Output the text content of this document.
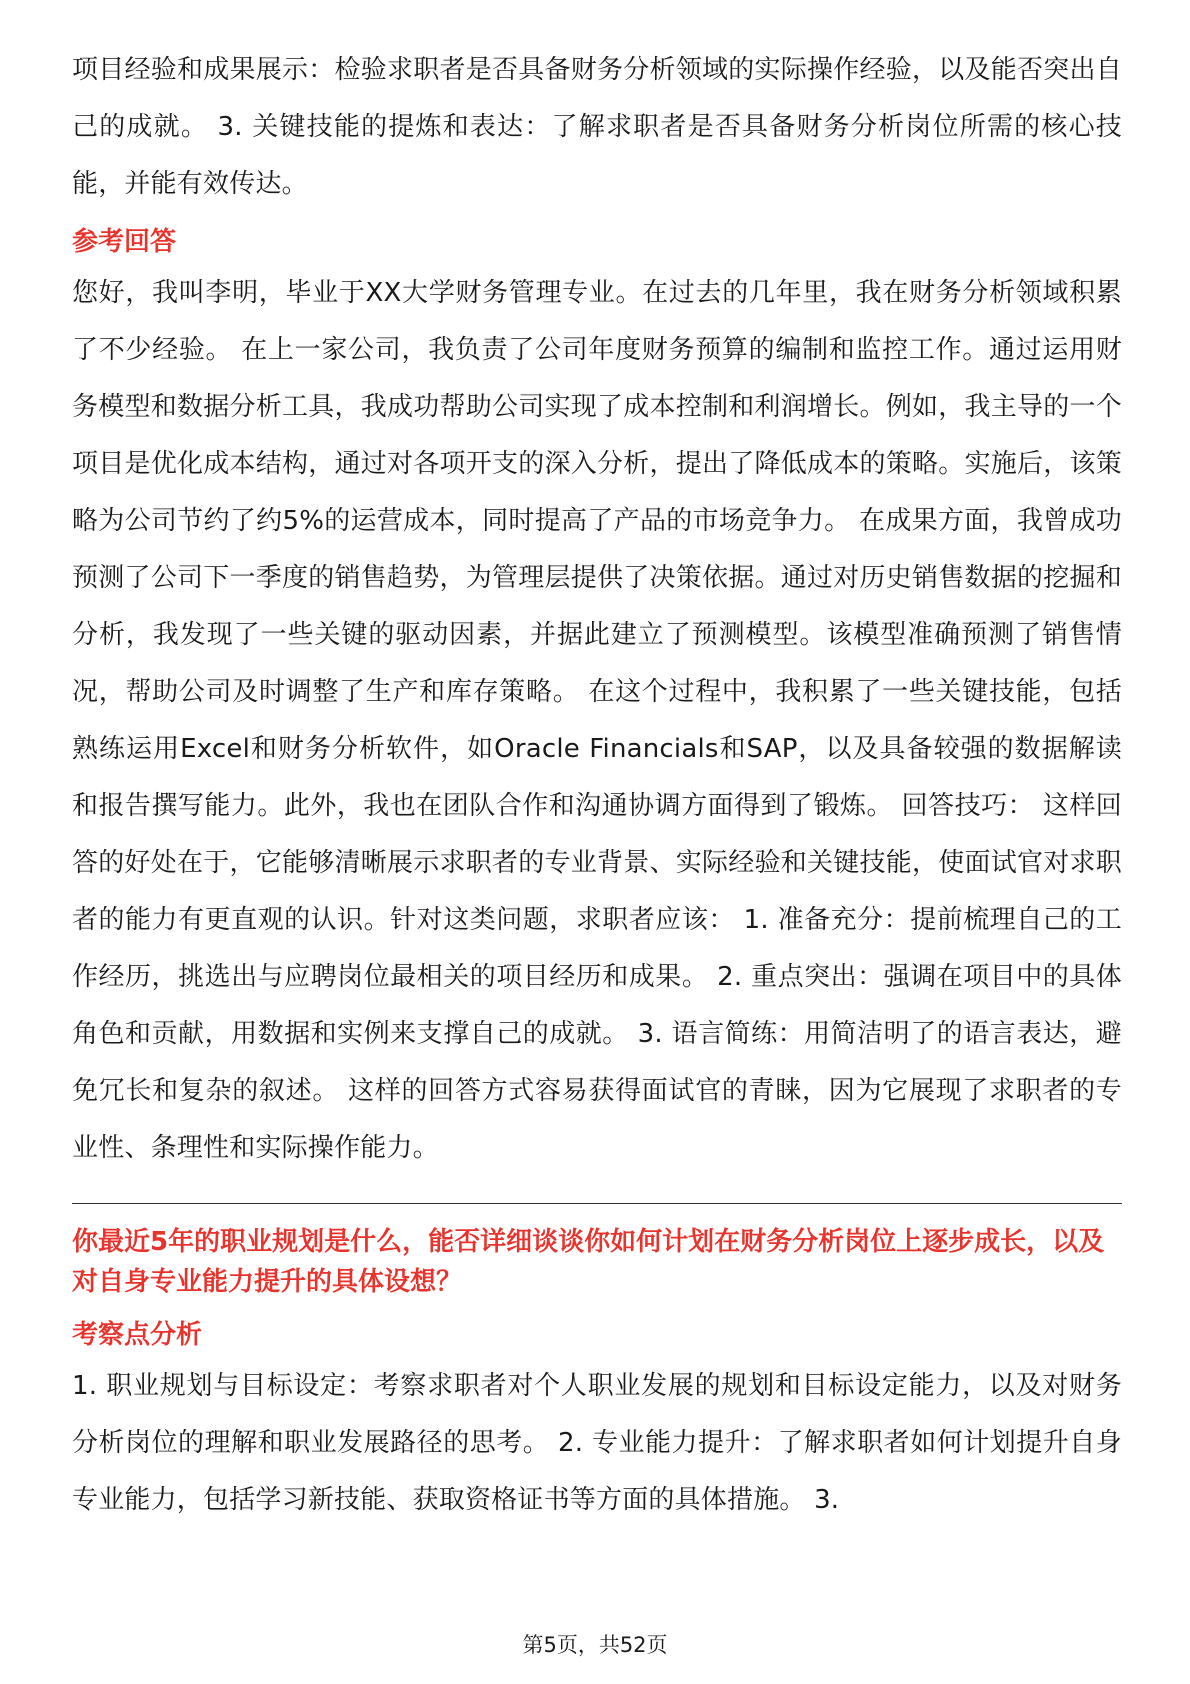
项目经验和成果展示：检验求职者是否具备财务分析领域的实际操作经验，以及能否突出自己的成就。 3. 关键技能的提炼和表达：了解求职者是否具备财务分析岗位所需的核心技能，并能有效传达。

参考回答

您好，我叫李明，毕业于XX大学财务管理专业。在过去的几年里，我在财务分析领域积累了不少经验。 在上一家公司，我负责了公司年度财务预算的编制和监控工作。通过运用财务模型和数据分析工具，我成功帮助公司实现了成本控制和利润增长。例如，我主导的一个项目是优化成本结构，通过对各项开支的深入分析，提出了降低成本的策略。实施后，该策略为公司节约了约5%的运营成本，同时提高了产品的市场竞争力。 在成果方面，我曾成功预测了公司下一季度的销售趋势，为管理层提供了决策依据。通过对历史销售数据的挖掘和分析，我发现了一些关键的驱动因素，并据此建立了预测模型。该模型准确预测了销售情况，帮助公司及时调整了生产和库存策略。 在这个过程中，我积累了一些关键技能，包括熟练运用Excel和财务分析软件，如Oracle Financials和SAP，以及具备较强的数据解读和报告撰写能力。此外，我也在团队合作和沟通协调方面得到了锻炼。 回答技巧： 这样回答的好处在于，它能够清晰展示求职者的专业背景、实际经验和关键技能，使面试官对求职者的能力有更直观的认识。针对这类问题，求职者应该： 1. 准备充分：提前梳理自己的工作经历，挑选出与应聘岗位最相关的项目经历和成果。 2. 重点突出：强调在项目中的具体角色和贡献，用数据和实例来支撑自己的成就。 3. 语言简练：用简洁明了的语言表达，避免冗长和复杂的叙述。 这样的回答方式容易获得面试官的青睐，因为它展现了求职者的专业性、条理性和实际操作能力。

你最近5年的职业规划是什么，能否详细谈谈你如何计划在财务分析岗位上逐步成长，以及对自身专业能力提升的具体设想？

考察点分析

1. 职业规划与目标设定：考察求职者对个人职业发展的规划和目标设定能力，以及对财务分析岗位的理解和职业发展路径的思考。 2. 专业能力提升：了解求职者如何计划提升自身专业能力，包括学习新技能、获取资格证书等方面的具体措施。 3.

第5页，共52页
